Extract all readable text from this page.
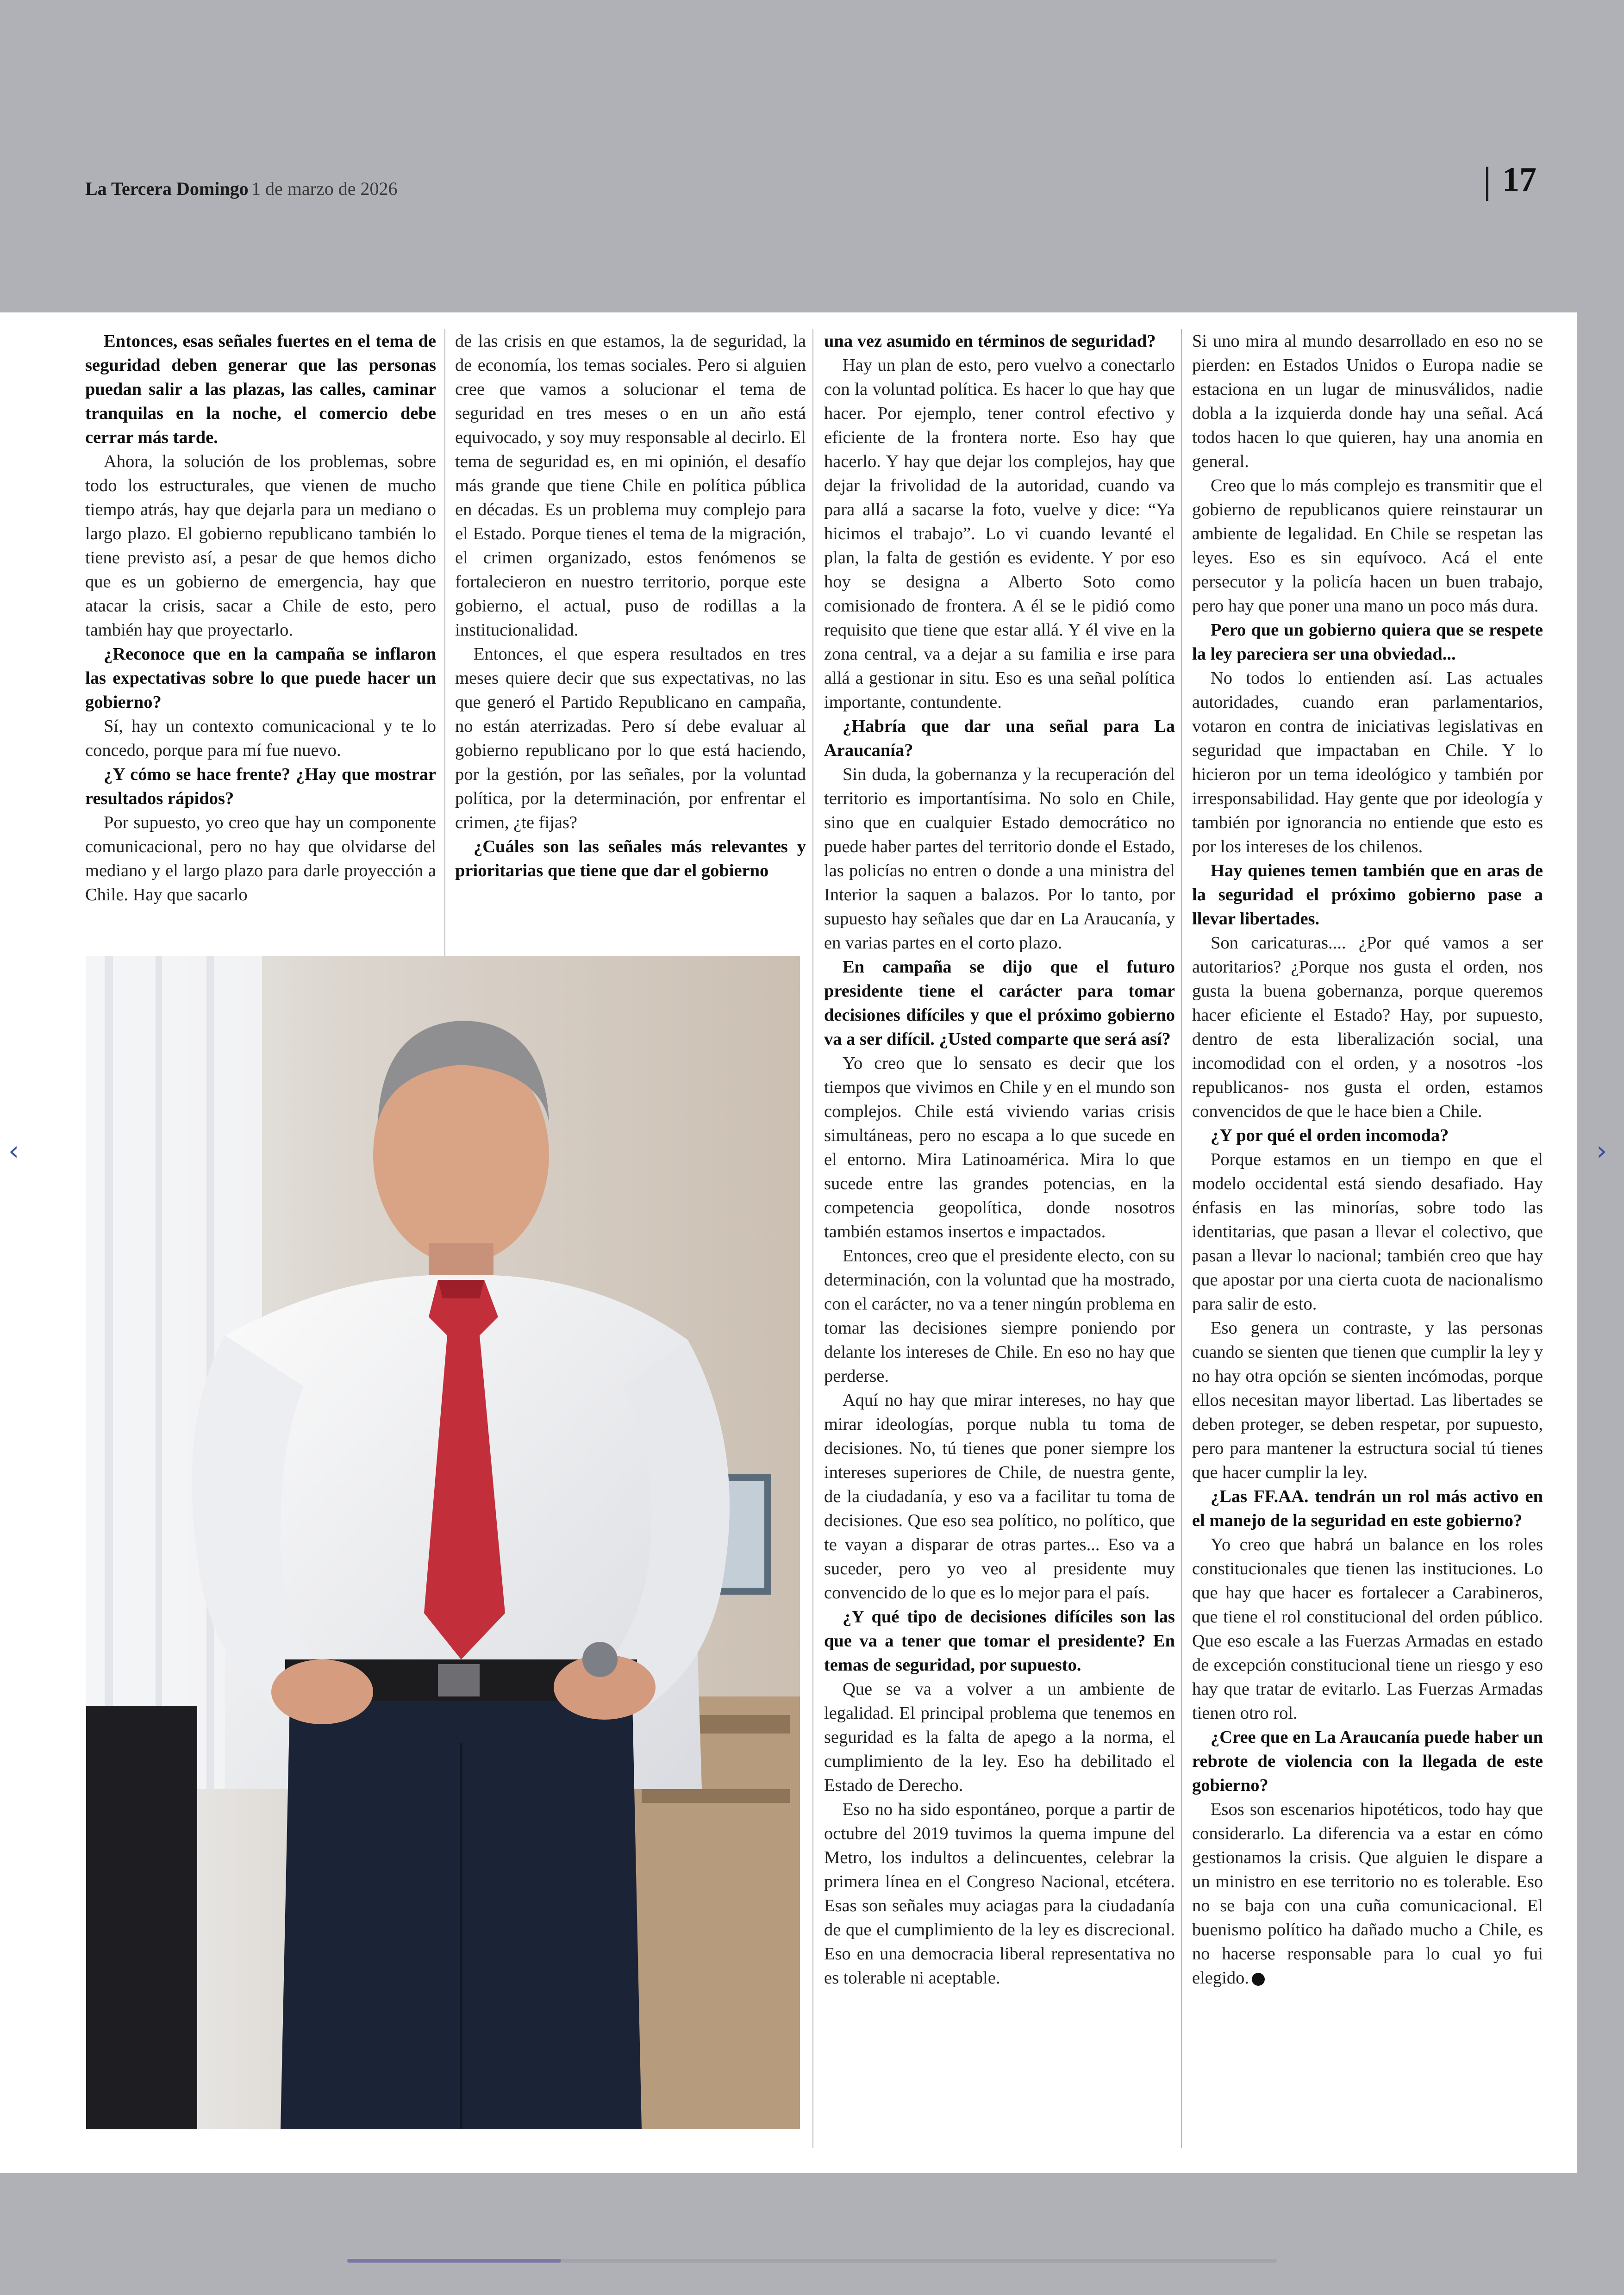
La Tercera Domingo 1 de marzo de 2026	17

Entonces, esas señales fuertes en el tema de seguridad deben generar que las personas puedan salir a las plazas, las calles, caminar tranquilas en la noche, el comercio debe cerrar más tarde.

Ahora, la solución de los problemas, sobre todo los estructurales, que vienen de mucho tiempo atrás, hay que dejarla para un mediano o largo plazo. El gobierno republicano también lo tiene previsto así, a pesar de que hemos dicho que es un gobierno de emergencia, hay que atacar la crisis, sacar a Chile de esto, pero también hay que proyectarlo.

¿Reconoce que en la campaña se inflaron las expectativas sobre lo que puede hacer un gobierno?

Sí, hay un contexto comunicacional y te lo concedo, porque para mí fue nuevo.

¿Y cómo se hace frente? ¿Hay que mostrar resultados rápidos?

Por supuesto, yo creo que hay un componente comunicacional, pero no hay que olvidarse del mediano y el largo plazo para darle proyección a Chile. Hay que sacarlo

de las crisis en que estamos, la de seguridad, la de economía, los temas sociales. Pero si alguien cree que vamos a solucionar el tema de seguridad en tres meses o en un año está equivocado, y soy muy responsable al decirlo. El tema de seguridad es, en mi opinión, el desafío más grande que tiene Chile en política pública en décadas. Es un problema muy complejo para el Estado. Porque tienes el tema de la migración, el crimen organizado, estos fenómenos se fortalecieron en nuestro territorio, porque este gobierno, el actual, puso de rodillas a la institucionalidad.

Entonces, el que espera resultados en tres meses quiere decir que sus expectativas, no las que generó el Partido Republicano en campaña, no están aterrizadas. Pero sí debe evaluar al gobierno republicano por lo que está haciendo, por la gestión, por las señales, por la voluntad política, por la determinación, por enfrentar el crimen, ¿te fijas?

¿Cuáles son las señales más relevantes y prioritarias que tiene que dar el gobierno

una vez asumido en términos de seguridad?

Hay un plan de esto, pero vuelvo a conectarlo con la voluntad política. Es hacer lo que hay que hacer. Por ejemplo, tener control efectivo y eficiente de la frontera norte. Eso hay que hacerlo. Y hay que dejar los complejos, hay que dejar la frivolidad de la autoridad, cuando va para allá a sacarse la foto, vuelve y dice: “Ya hicimos el trabajo”. Lo vi cuando levanté el plan, la falta de gestión es evidente. Y por eso hoy se designa a Alberto Soto como comisionado de frontera. A él se le pidió como requisito que tiene que estar allá. Y él vive en la zona central, va a dejar a su familia e irse para allá a gestionar in situ. Eso es una señal política importante, contundente.

¿Habría que dar una señal para La Araucanía?

Sin duda, la gobernanza y la recuperación del territorio es importantísima. No solo en Chile, sino que en cualquier Estado democrático no puede haber partes del territorio donde el Estado, las policías no entren o donde a una ministra del Interior la saquen a balazos. Por lo tanto, por supuesto hay señales que dar en La Araucanía, y en varias partes en el corto plazo.

En campaña se dijo que el futuro presidente tiene el carácter para tomar decisiones difíciles y que el próximo gobierno va a ser difícil. ¿Usted comparte que será así?

Yo creo que lo sensato es decir que los tiempos que vivimos en Chile y en el mundo son complejos. Chile está viviendo varias crisis simultáneas, pero no escapa a lo que sucede en el entorno. Mira Latinoamérica. Mira lo que sucede entre las grandes potencias, en la competencia geopolítica, donde nosotros también estamos insertos e impactados.

Entonces, creo que el presidente electo, con su determinación, con la voluntad que ha mostrado, con el carácter, no va a tener ningún problema en tomar las decisiones siempre poniendo por delante los intereses de Chile. En eso no hay que perderse.

Aquí no hay que mirar intereses, no hay que mirar ideologías, porque nubla tu toma de decisiones. No, tú tienes que poner siempre los intereses superiores de Chile, de nuestra gente, de la ciudadanía, y eso va a facilitar tu toma de decisiones. Que eso sea político, no político, que te vayan a disparar de otras partes... Eso va a suceder, pero yo veo al presidente muy convencido de lo que es lo mejor para el país.

¿Y qué tipo de decisiones difíciles son las que va a tener que tomar el presidente? En temas de seguridad, por supuesto.

Que se va a volver a un ambiente de legalidad. El principal problema que tenemos en seguridad es la falta de apego a la norma, el cumplimiento de la ley. Eso ha debilitado el Estado de Derecho.

Eso no ha sido espontáneo, porque a partir de octubre del 2019 tuvimos la quema impune del Metro, los indultos a delincuentes, celebrar la primera línea en el Congreso Nacional, etcétera. Esas son señales muy aciagas para la ciudadanía de que el cumplimiento de la ley es discrecional. Eso en una democracia liberal representativa no es tolerable ni aceptable.

Si uno mira al mundo desarrollado en eso no se pierden: en Estados Unidos o Europa nadie se estaciona en un lugar de minusválidos, nadie dobla a la izquierda donde hay una señal. Acá todos hacen lo que quieren, hay una anomia en general.

Creo que lo más complejo es transmitir que el gobierno de republicanos quiere reinstaurar un ambiente de legalidad. En Chile se respetan las leyes. Eso es sin equívoco. Acá el ente persecutor y la policía hacen un buen trabajo, pero hay que poner una mano un poco más dura.

Pero que un gobierno quiera que se respete la ley pareciera ser una obviedad...

No todos lo entienden así. Las actuales autoridades, cuando eran parlamentarios, votaron en contra de iniciativas legislativas en seguridad que impactaban en Chile. Y lo hicieron por un tema ideológico y también por irresponsabilidad. Hay gente que por ideología y también por ignorancia no entiende que esto es por los intereses de los chilenos.

Hay quienes temen también que en aras de la seguridad el próximo gobierno pase a llevar libertades.

Son caricaturas.... ¿Por qué vamos a ser autoritarios? ¿Porque nos gusta el orden, nos gusta la buena gobernanza, porque queremos hacer eficiente el Estado? Hay, por supuesto, dentro de esta liberalización social, una incomodidad con el orden, y a nosotros -los republicanos- nos gusta el orden, estamos convencidos de que le hace bien a Chile.

¿Y por qué el orden incomoda?

Porque estamos en un tiempo en que el modelo occidental está siendo desafiado. Hay énfasis en las minorías, sobre todo las identitarias, que pasan a llevar el colectivo, que pasan a llevar lo nacional; también creo que hay que apostar por una cierta cuota de nacionalismo para salir de esto.

Eso genera un contraste, y las personas cuando se sienten que tienen que cumplir la ley y no hay otra opción se sienten incómodas, porque ellos necesitan mayor libertad. Las libertades se deben proteger, se deben respetar, por supuesto, pero para mantener la estructura social tú tienes que hacer cumplir la ley.

¿Las FF.AA. tendrán un rol más activo en el manejo de la seguridad en este gobierno?

Yo creo que habrá un balance en los roles constitucionales que tienen las instituciones. Lo que hay que hacer es fortalecer a Carabineros, que tiene el rol constitucional del orden público. Que eso escale a las Fuerzas Armadas en estado de excepción constitucional tiene un riesgo y eso hay que tratar de evitarlo. Las Fuerzas Armadas tienen otro rol.

¿Cree que en La Araucanía puede haber un rebrote de violencia con la llegada de este gobierno?

Esos son escenarios hipotéticos, todo hay que considerarlo. La diferencia va a estar en cómo gestionamos la crisis. Que alguien le dispare a un ministro en ese territorio no es tolerable. Eso no se baja con una cuña comunicacional. El buenismo político ha dañado mucho a Chile, es no hacerse responsable para lo cual yo fui elegido.

‹	›
